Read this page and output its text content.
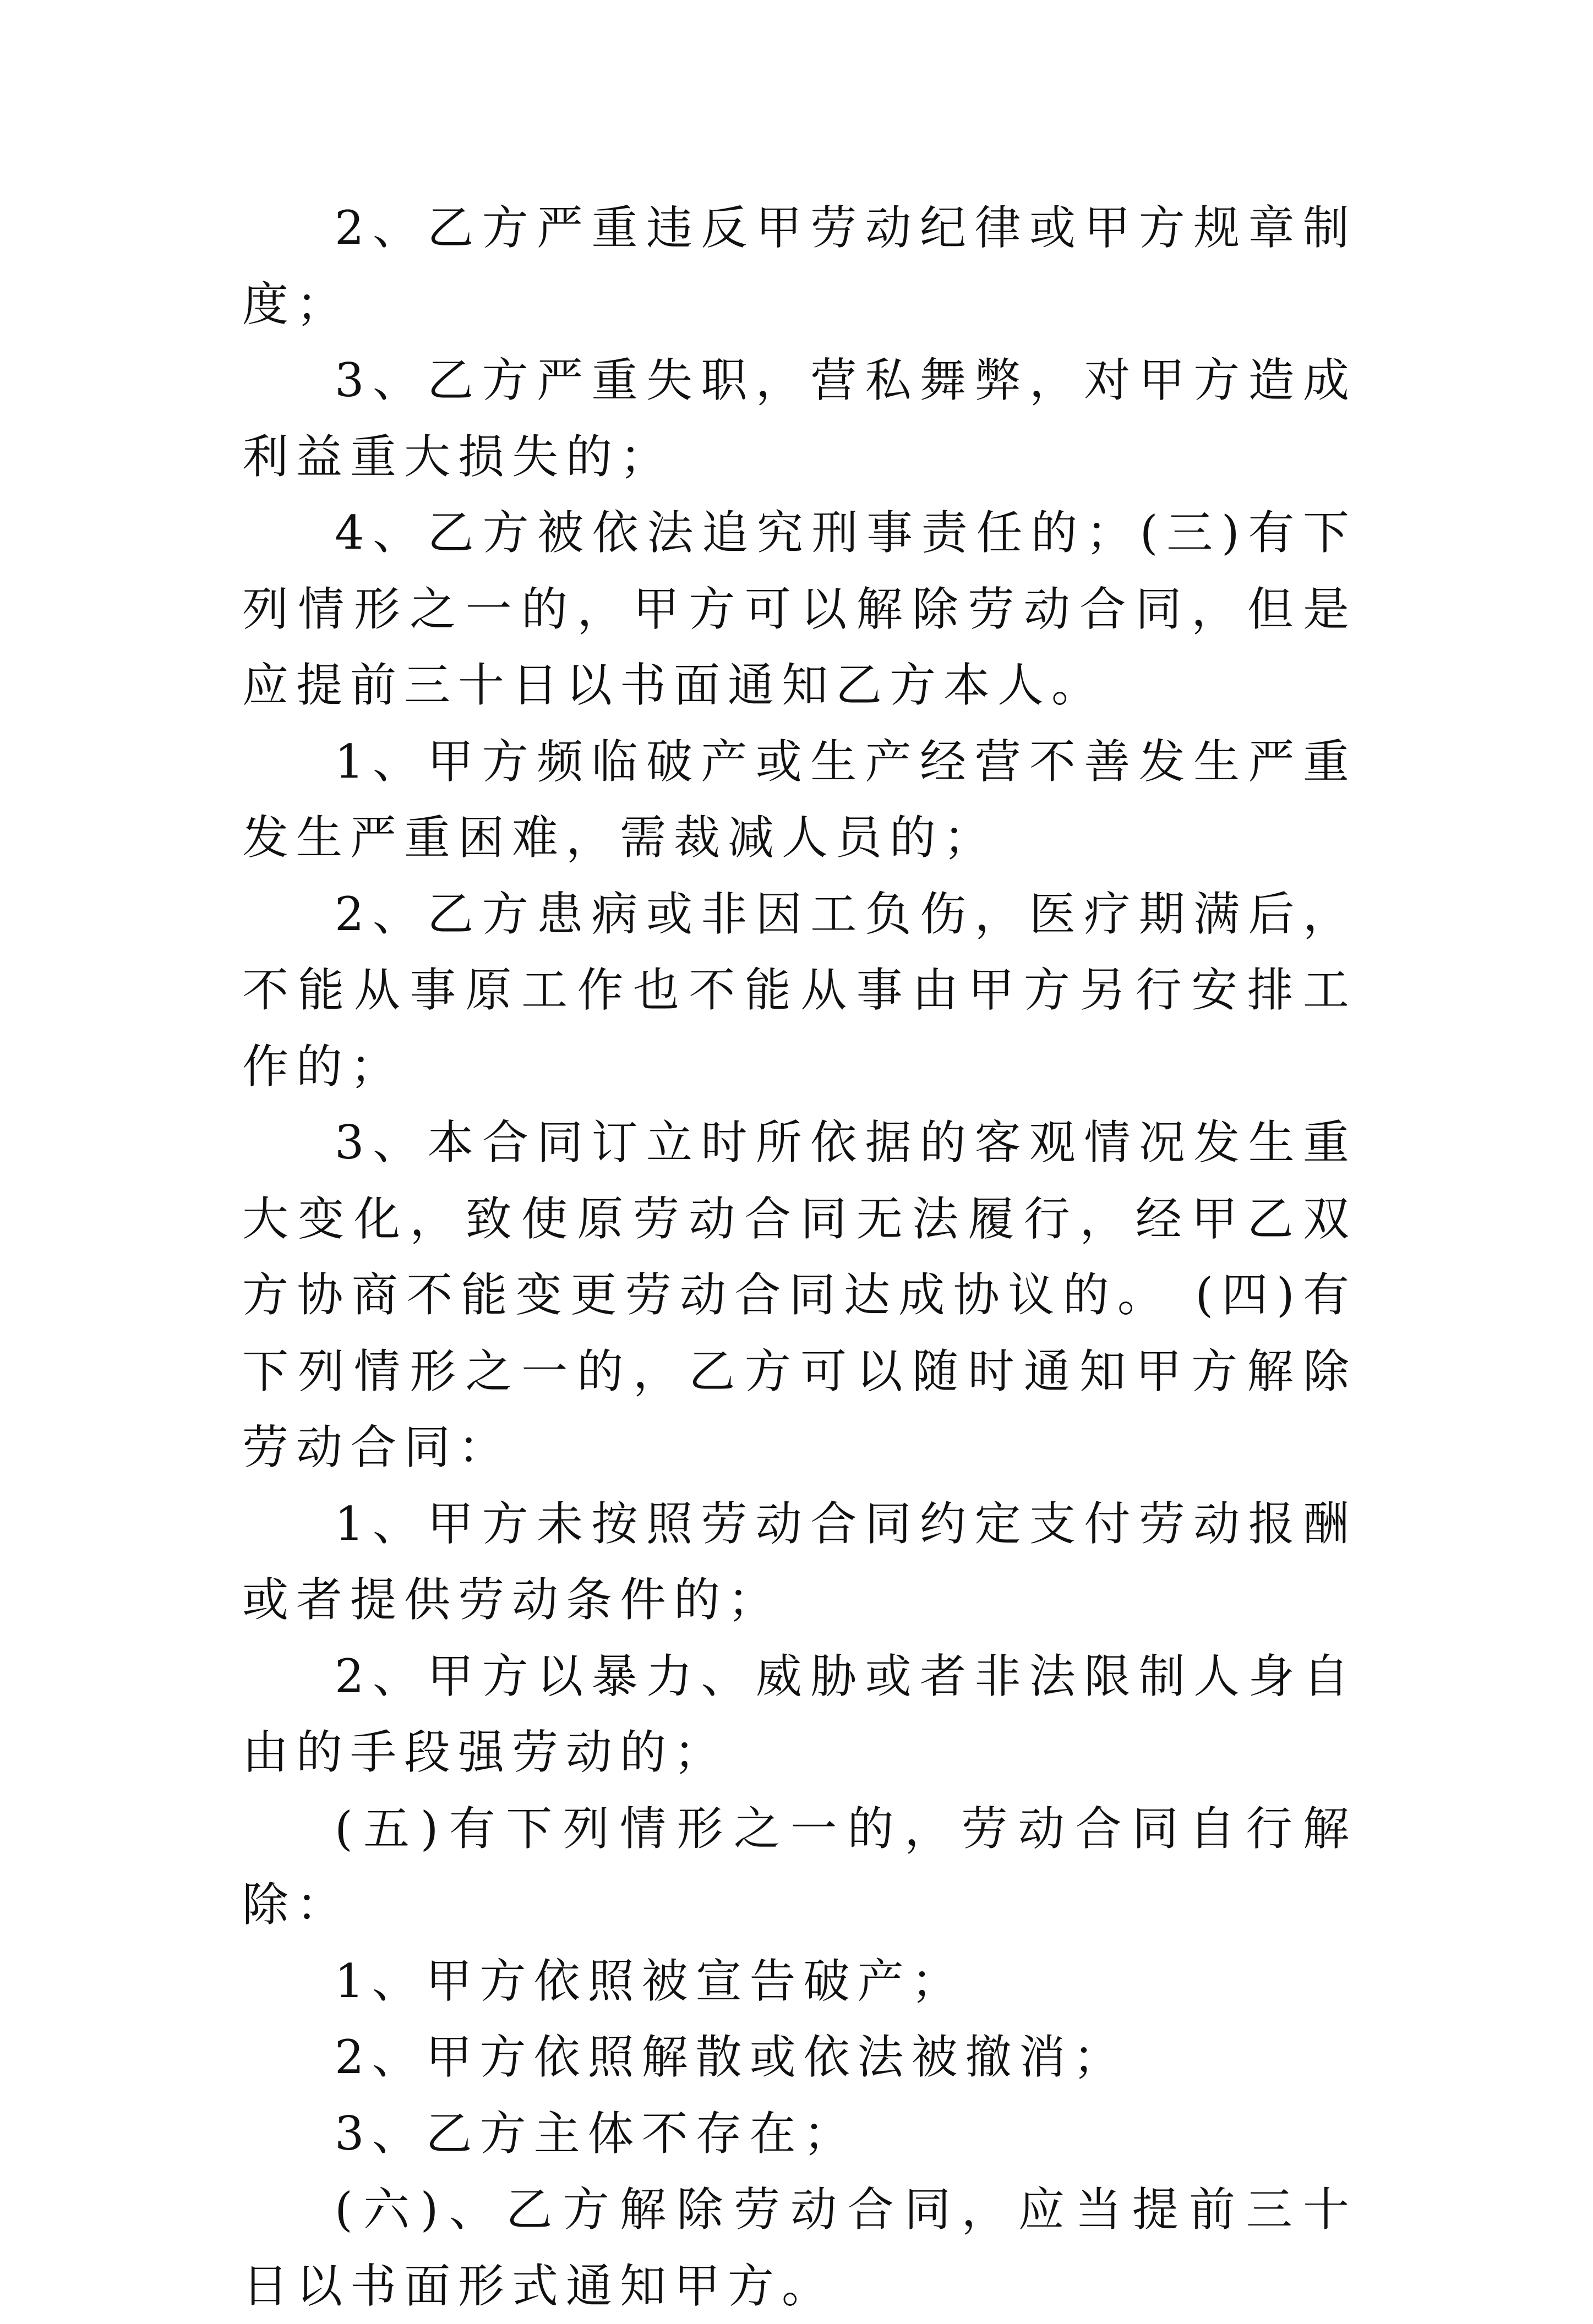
2、乙方严重违反甲劳动纪律或甲方规章制度；

3、乙方严重失职，营私舞弊，对甲方造成利益重大损失的；

4、乙方被依法追究刑事责任的；(三)有下列情形之一的，甲方可以解除劳动合同，但是应提前三十日以书面通知乙方本人。

1、甲方频临破产或生产经营不善发生严重发生严重困难，需裁减人员的；

2、乙方患病或非因工负伤，医疗期满后，不能从事原工作也不能从事由甲方另行安排工作的；

3、本合同订立时所依据的客观情况发生重大变化，致使原劳动合同无法履行，经甲乙双方协商不能变更劳动合同达成协议的。 (四)有下列情形之一的，乙方可以随时通知甲方解除劳动合同：

1、甲方未按照劳动合同约定支付劳动报酬或者提供劳动条件的；

2、甲方以暴力、威胁或者非法限制人身自由的手段强劳动的；

(五)有下列情形之一的，劳动合同自行解除：

1、甲方依照被宣告破产；

2、甲方依照解散或依法被撤消；

3、乙方主体不存在；

(六)、乙方解除劳动合同，应当提前三十日以书面形式通知甲方。
